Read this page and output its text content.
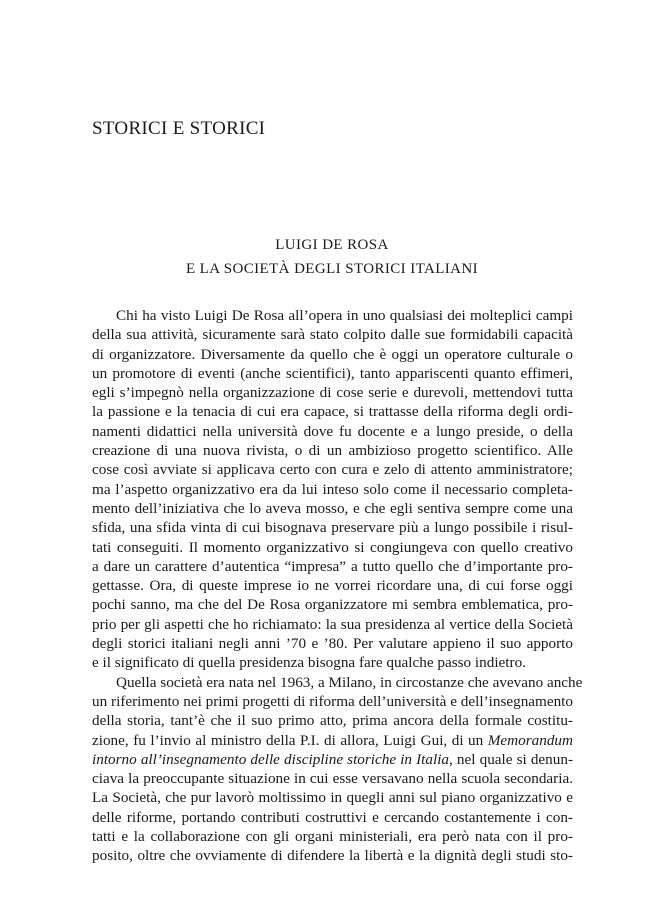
STORICI E STORICI
LUIGI DE ROSA
E LA SOCIETÀ DEGLI STORICI ITALIANI
Chi ha visto Luigi De Rosa all’opera in uno qualsiasi dei molteplici campi
della sua attività, sicuramente sarà stato colpito dalle sue formidabili capacità
di organizzatore. Diversamente da quello che è oggi un operatore culturale o
un promotore di eventi (anche scientifici), tanto appariscenti quanto effimeri,
egli s’impegnò nella organizzazione di cose serie e durevoli, mettendovi tutta
la passione e la tenacia di cui era capace, si trattasse della riforma degli ordi-
namenti didattici nella università dove fu docente e a lungo preside, o della
creazione di una nuova rivista, o di un ambizioso progetto scientifico. Alle
cose così avviate si applicava certo con cura e zelo di attento amministratore;
ma l’aspetto organizzativo era da lui inteso solo come il necessario completa-
mento dell’iniziativa che lo aveva mosso, e che egli sentiva sempre come una
sfida, una sfida vinta di cui bisognava preservare più a lungo possibile i risul-
tati conseguiti. Il momento organizzativo si congiungeva con quello creativo
a dare un carattere d’autentica “impresa” a tutto quello che d’importante pro-
gettasse. Ora, di queste imprese io ne vorrei ricordare una, di cui forse oggi
pochi sanno, ma che del De Rosa organizzatore mi sembra emblematica, pro-
prio per gli aspetti che ho richiamato: la sua presidenza al vertice della Società
degli storici italiani negli anni ’70 e ’80. Per valutare appieno il suo apporto
e il significato di quella presidenza bisogna fare qualche passo indietro.
Quella società era nata nel 1963, a Milano, in circostanze che avevano anche
un riferimento nei primi progetti di riforma dell’università e dell’insegnamento
della storia, tant’è che il suo primo atto, prima ancora della formale costitu-
zione, fu l’invio al ministro della P.I. di allora, Luigi Gui, di un Memorandum
intorno all’insegnamento delle discipline storiche in Italia, nel quale si denun-
ciava la preoccupante situazione in cui esse versavano nella scuola secondaria.
La Società, che pur lavorò moltissimo in quegli anni sul piano organizzativo e
delle riforme, portando contributi costruttivi e cercando costantemente i con-
tatti e la collaborazione con gli organi ministeriali, era però nata con il pro-
posito, oltre che ovviamente di difendere la libertà e la dignità degli studi sto-
